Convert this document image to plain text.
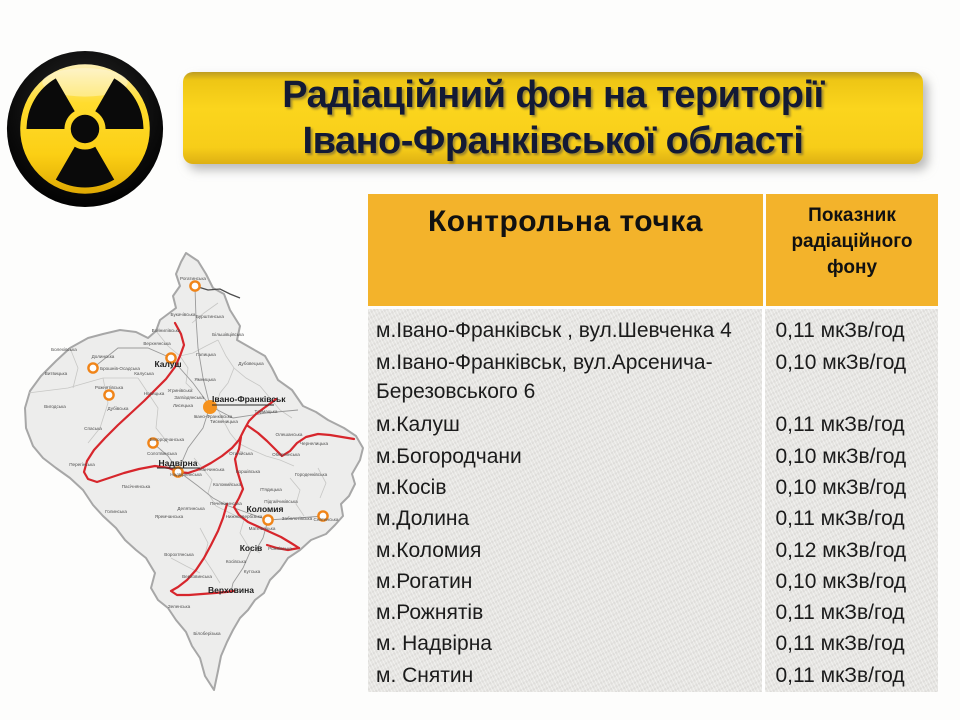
Радіаційний фон на території
Івано-Франківської області
Калуш
Івано-Франківськ
Надвірна
Коломия
Косів
Верховина
Рогатинська
Букачівська Бурштинська
Більшівцівська
Войнилівська
Верхнянська
Долинська
Брошнів-Осадська
Калуська
Витвицька
Вигодська
Рожнятівська
Новицька
Дубівська
Спаська
Перегінська
Галицька
Дубовецька
Ямницька
Угринівська
Загвіздянська
Лисецька
Тисменицька
Тлумацька
Олешанська
Чернелицька
Обертинська
Богородчанська
Солотвинська
Надвірнянська
Ланчинська Коршівська
Коломийська
Печеніжинська
П'ядицька
Підгайчиківська
Заболотівська Снятинська
Городенківська
Нижньовербізька
Матеївецька
Делятинська
Яремчанська
Ворохтянська
Косівська
Рожнівська
Кутська
Верховинська
Зеленська
Білоберізька
Пасічнянська
Голинська
Болехівська
Івано-Франківська
Отинійська
Контрольна точка	Показник радіаційного фону
м.Івано-Франківськ , вул.Шевченка 4	0,11 мкЗв/год
м.Івано-Франківськ, вул.Арсенича-Березовського 6	0,10 мкЗв/год
м.Калуш	0,11 мкЗв/год
м.Богородчани	0,10 мкЗв/год
м.Косів	0,10 мкЗв/год
м.Долина	0,11 мкЗв/год
м.Коломия	0,12 мкЗв/год
м.Рогатин	0,10 мкЗв/год
м.Рожнятів	0,11 мкЗв/год
м. Надвірна	0,11 мкЗв/год
м. Снятин	0,11 мкЗв/год
